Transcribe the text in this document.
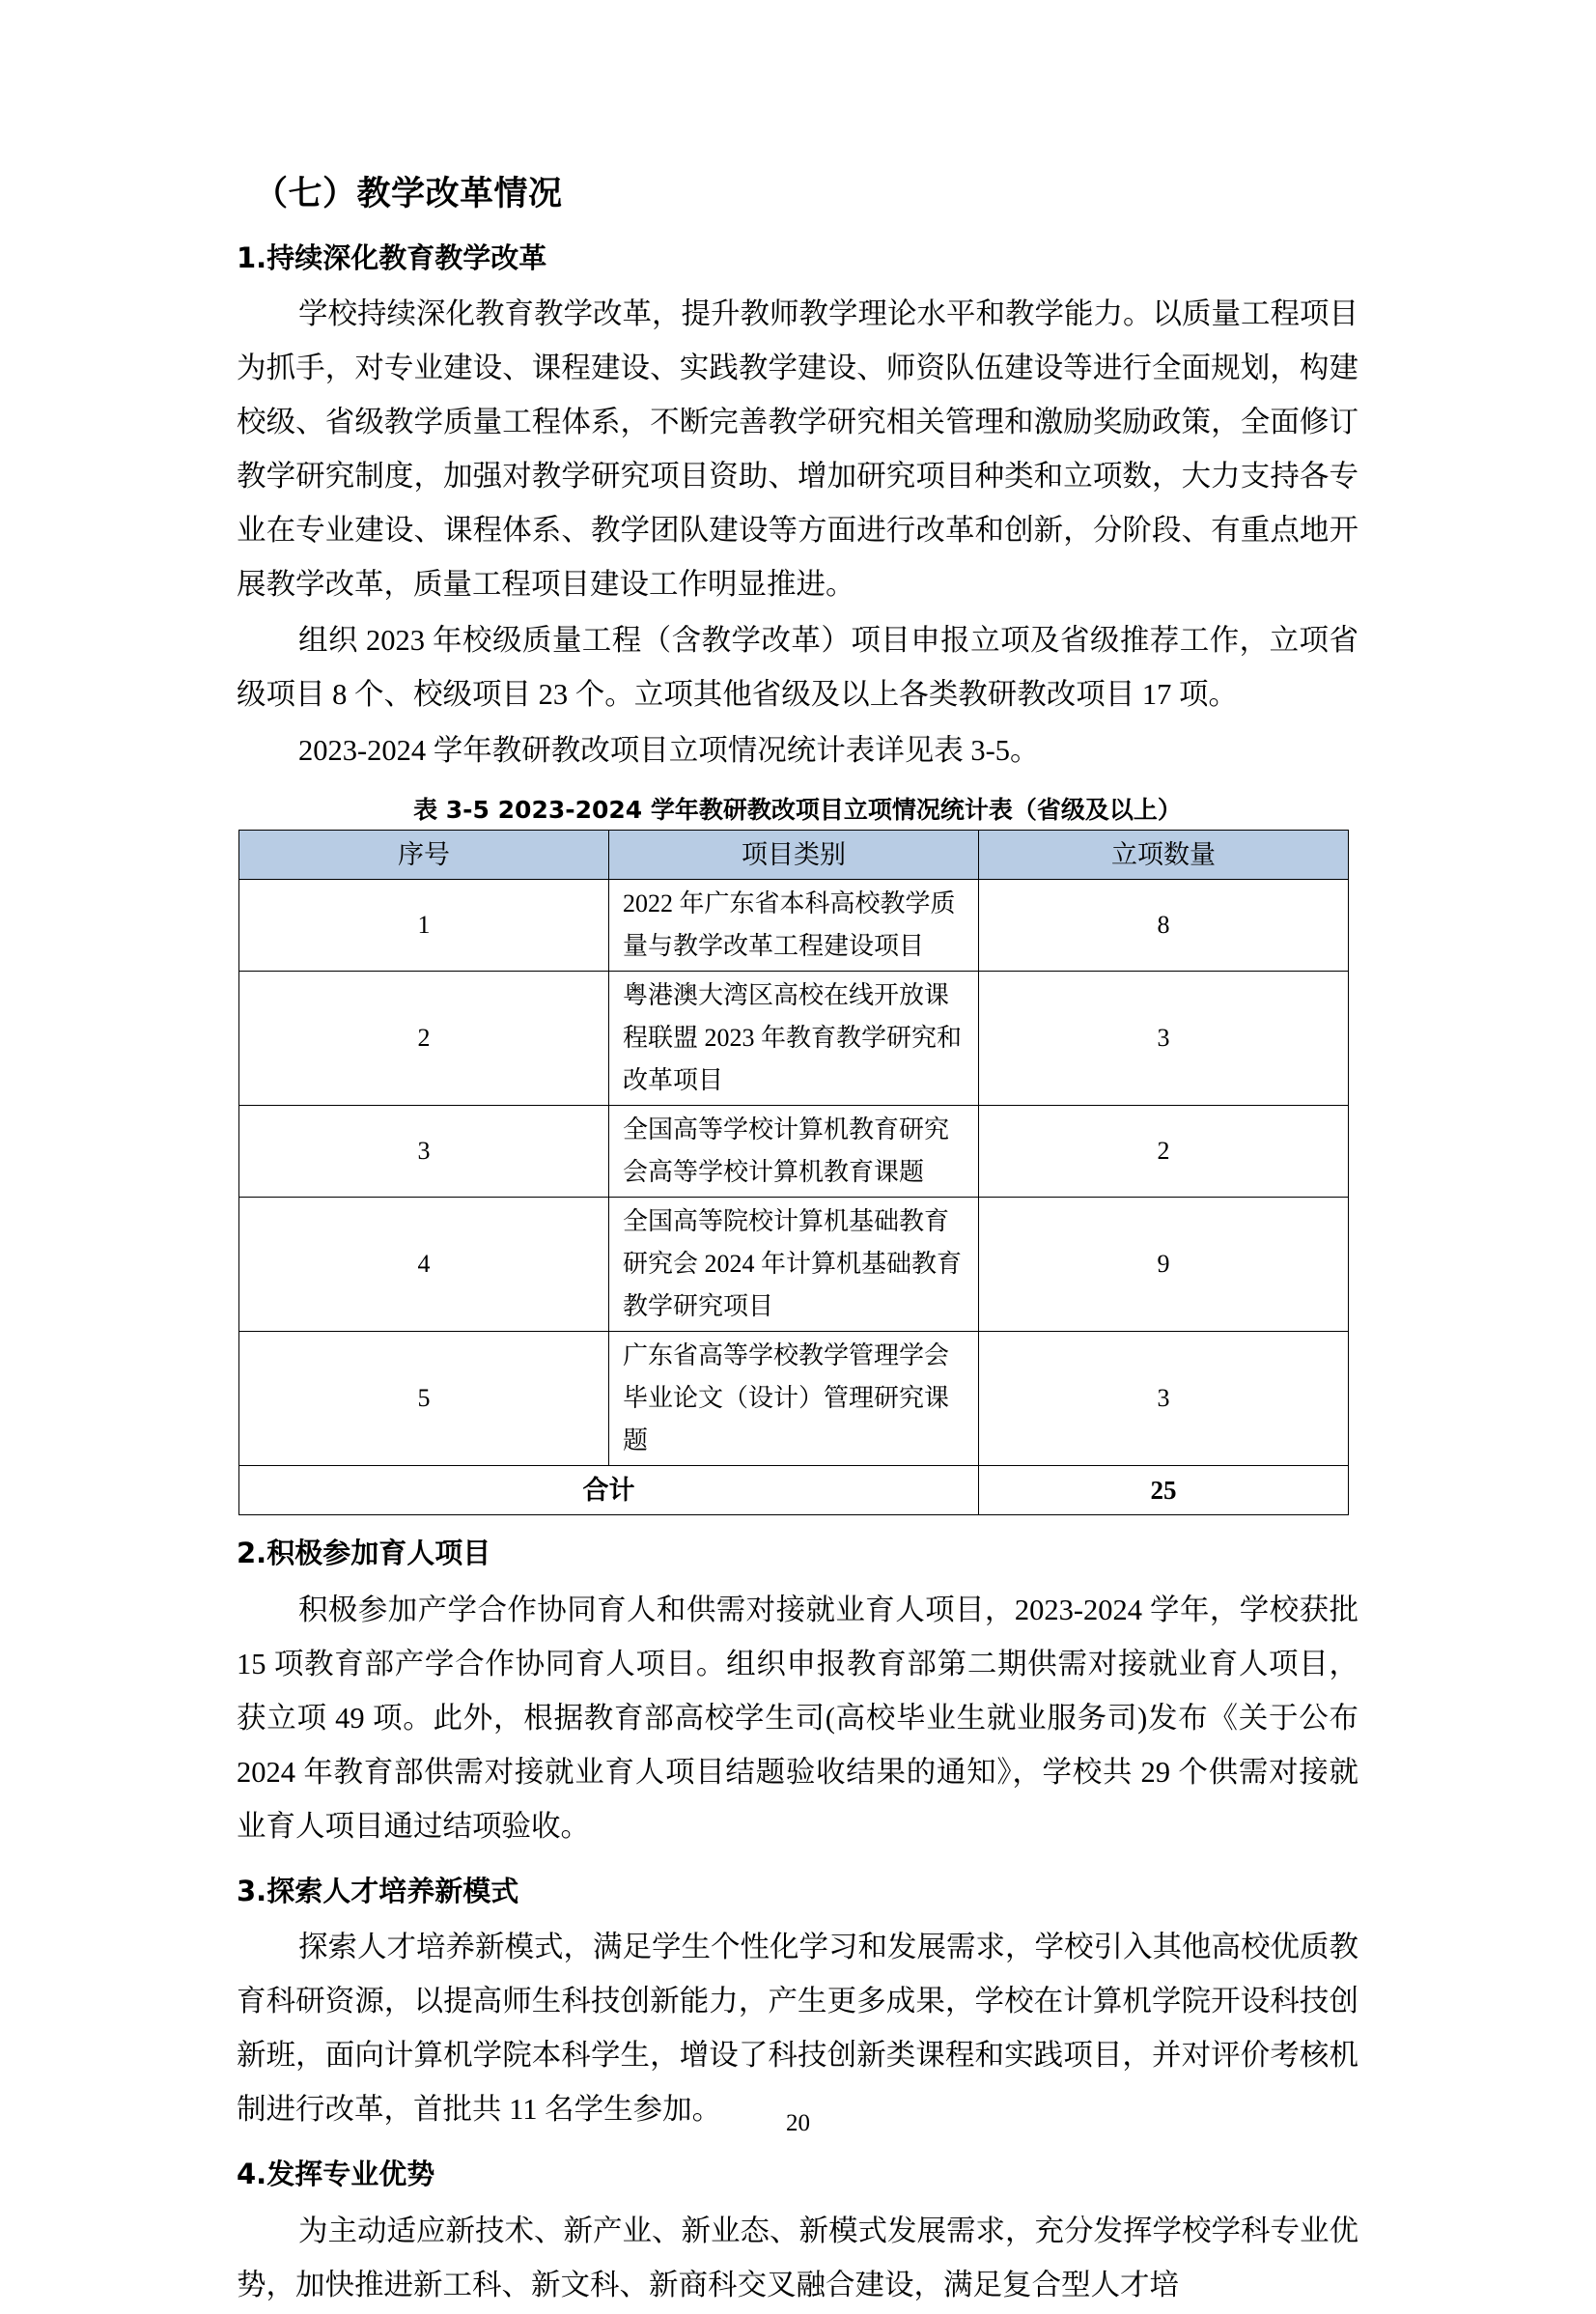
（七）教学改革情况
1.持续深化教育教学改革

学校持续深化教育教学改革，提升教师教学理论水平和教学能力。以质量工程项目为抓手，对专业建设、课程建设、实践教学建设、师资队伍建设等进行全面规划，构建校级、省级教学质量工程体系，不断完善教学研究相关管理和激励奖励政策，全面修订教学研究制度，加强对教学研究项目资助、增加研究项目种类和立项数，大力支持各专业在专业建设、课程体系、教学团队建设等方面进行改革和创新，分阶段、有重点地开展教学改革，质量工程项目建设工作明显推进。

组织 2023 年校级质量工程（含教学改革）项目申报立项及省级推荐工作，立项省级项目 8 个、校级项目 23 个。立项其他省级及以上各类教研教改项目 17 项。

2023-2024 学年教研教改项目立项情况统计表详见表 3-5。

表 3-5 2023-2024 学年教研教改项目立项情况统计表（省级及以上）
序号	项目类别	立项数量
1	2022 年广东省本科高校教学质量与教学改革工程建设项目	8
2	粤港澳大湾区高校在线开放课程联盟 2023 年教育教学研究和改革项目	3
3	全国高等学校计算机教育研究会高等学校计算机教育课题	2
4	全国高等院校计算机基础教育研究会 2024 年计算机基础教育教学研究项目	9
5	广东省高等学校教学管理学会毕业论文（设计）管理研究课题	3
合计		25
2.积极参加育人项目

积极参加产学合作协同育人和供需对接就业育人项目，2023-2024 学年，学校获批 15 项教育部产学合作协同育人项目。组织申报教育部第二期供需对接就业育人项目，获立项 49 项。此外，根据教育部高校学生司(高校毕业生就业服务司)发布《关于公布 2024 年教育部供需对接就业育人项目结题验收结果的通知》，学校共 29 个供需对接就业育人项目通过结项验收。

3.探索人才培养新模式

探索人才培养新模式，满足学生个性化学习和发展需求，学校引入其他高校优质教育科研资源，以提高师生科技创新能力，产生更多成果，学校在计算机学院开设科技创新班，面向计算机学院本科学生，增设了科技创新类课程和实践项目，并对评价考核机制进行改革，首批共 11 名学生参加。

4.发挥专业优势

为主动适应新技术、新产业、新业态、新模式发展需求，充分发挥学校学科专业优势，加快推进新工科、新文科、新商科交叉融合建设，满足复合型人才培

20
